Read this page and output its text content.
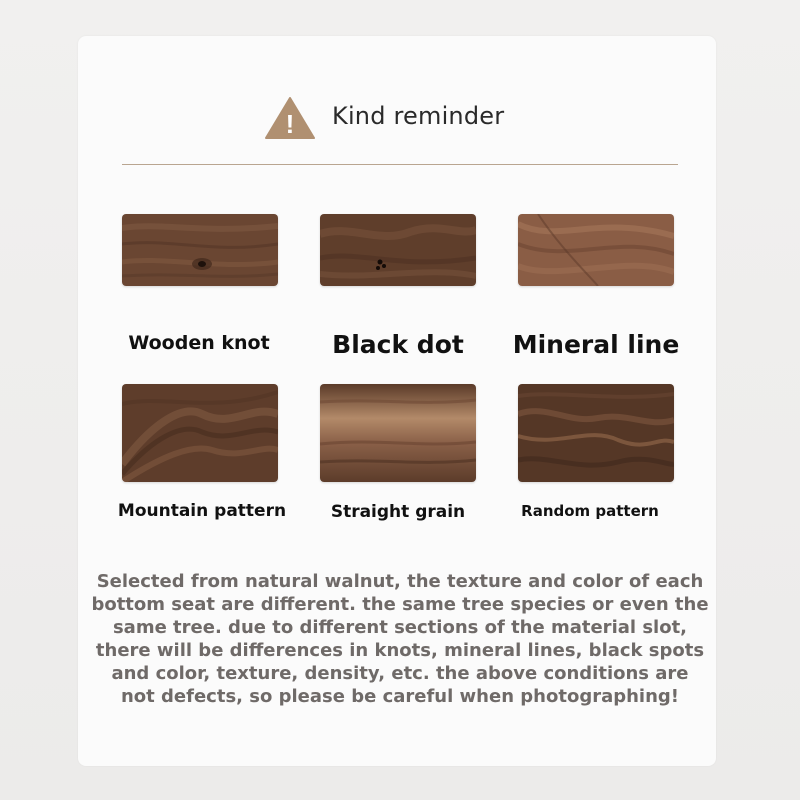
! Kind reminder
Wooden knot	Black dot	Mineral line
Mountain pattern	Straight grain	Random pattern
Selected from natural walnut, the texture and color of each
bottom seat are different. the same tree species or even the
same tree. due to different sections of the material slot,
there will be differences in knots, mineral lines, black spots
and color, texture, density, etc. the above conditions are
not defects, so please be careful when photographing!
